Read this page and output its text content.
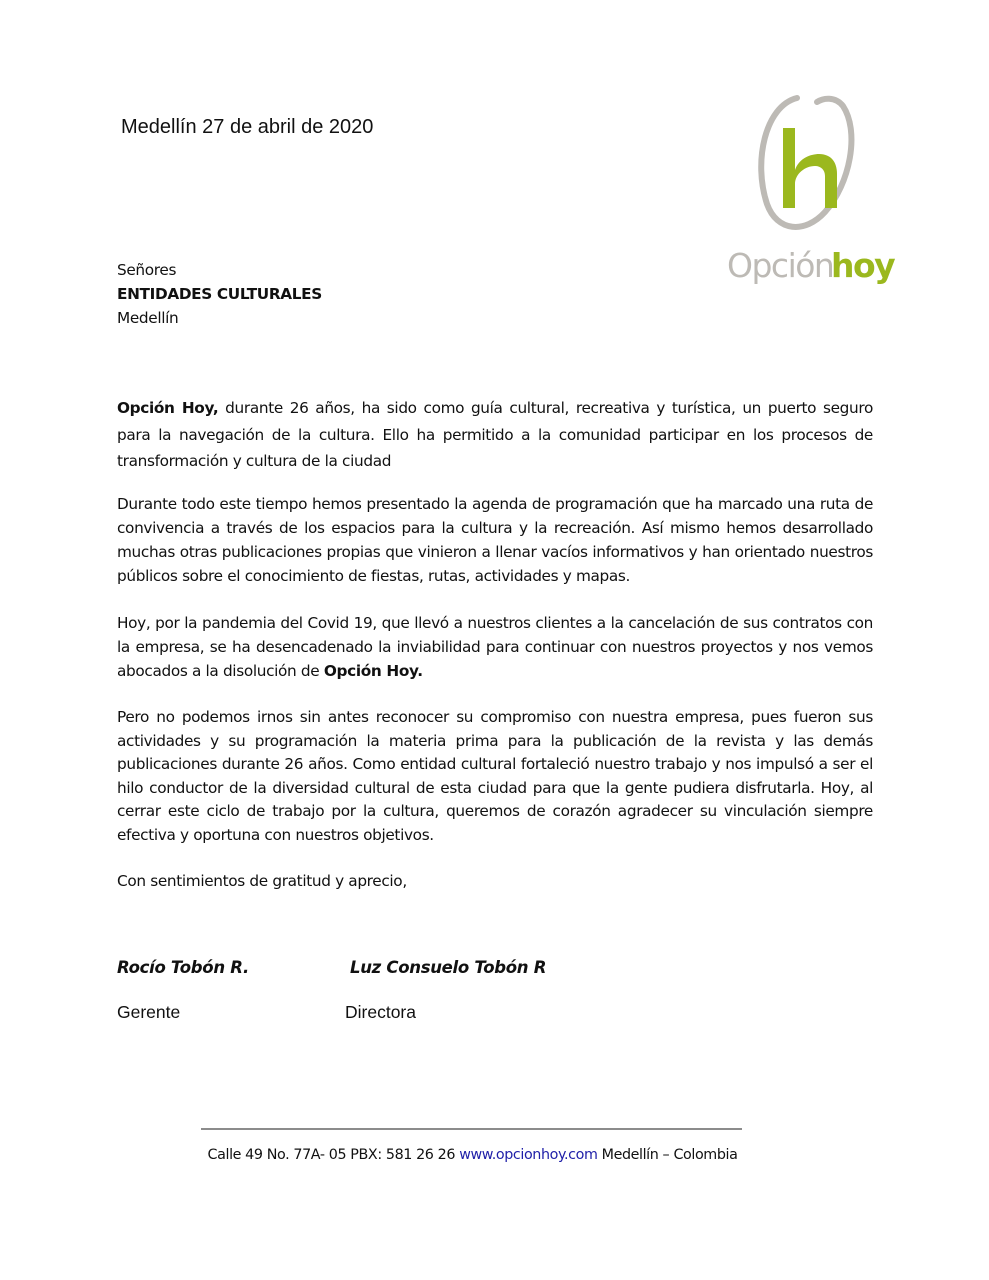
Opción
hoy
Medellín 27 de abril de 2020
Señores
ENTIDADES CULTURALES
Medellín
Opción Hoy, durante 26 años, ha sido como guía cultural, recreativa y turística, un puerto seguro para la navegación de la cultura. Ello ha permitido a la comunidad participar en los procesos de transformación y cultura de la ciudad
Durante todo este tiempo hemos presentado la agenda de programación que ha marcado una ruta de convivencia a través de los espacios para la cultura y la recreación. Así mismo hemos desarrollado muchas otras publicaciones propias que vinieron a llenar vacíos informativos y han orientado nuestros públicos sobre el conocimiento de fiestas, rutas, actividades y mapas.
Hoy, por la pandemia del Covid 19, que llevó a nuestros clientes a la cancelación de sus contratos con la empresa, se ha desencadenado la inviabilidad para continuar con nuestros proyectos y nos vemos abocados a la disolución de Opción Hoy.
Pero no podemos irnos sin antes reconocer su compromiso con nuestra empresa, pues fueron sus actividades y su programación la materia prima para la publicación de la revista y las demás publicaciones durante 26 años. Como entidad cultural fortaleció nuestro trabajo y nos impulsó a ser el hilo conductor de la diversidad cultural de esta ciudad para que la gente pudiera disfrutarla. Hoy, al cerrar este ciclo de trabajo por la cultura, queremos de corazón agradecer su vinculación siempre efectiva y oportuna con nuestros objetivos.
Con sentimientos de gratitud y aprecio,
Rocío Tobón R.	Luz Consuelo Tobón R
Gerente	Directora
Calle 49 No. 77A- 05 PBX: 581 26 26 www.opcionhoy.com Medellín – Colombia
